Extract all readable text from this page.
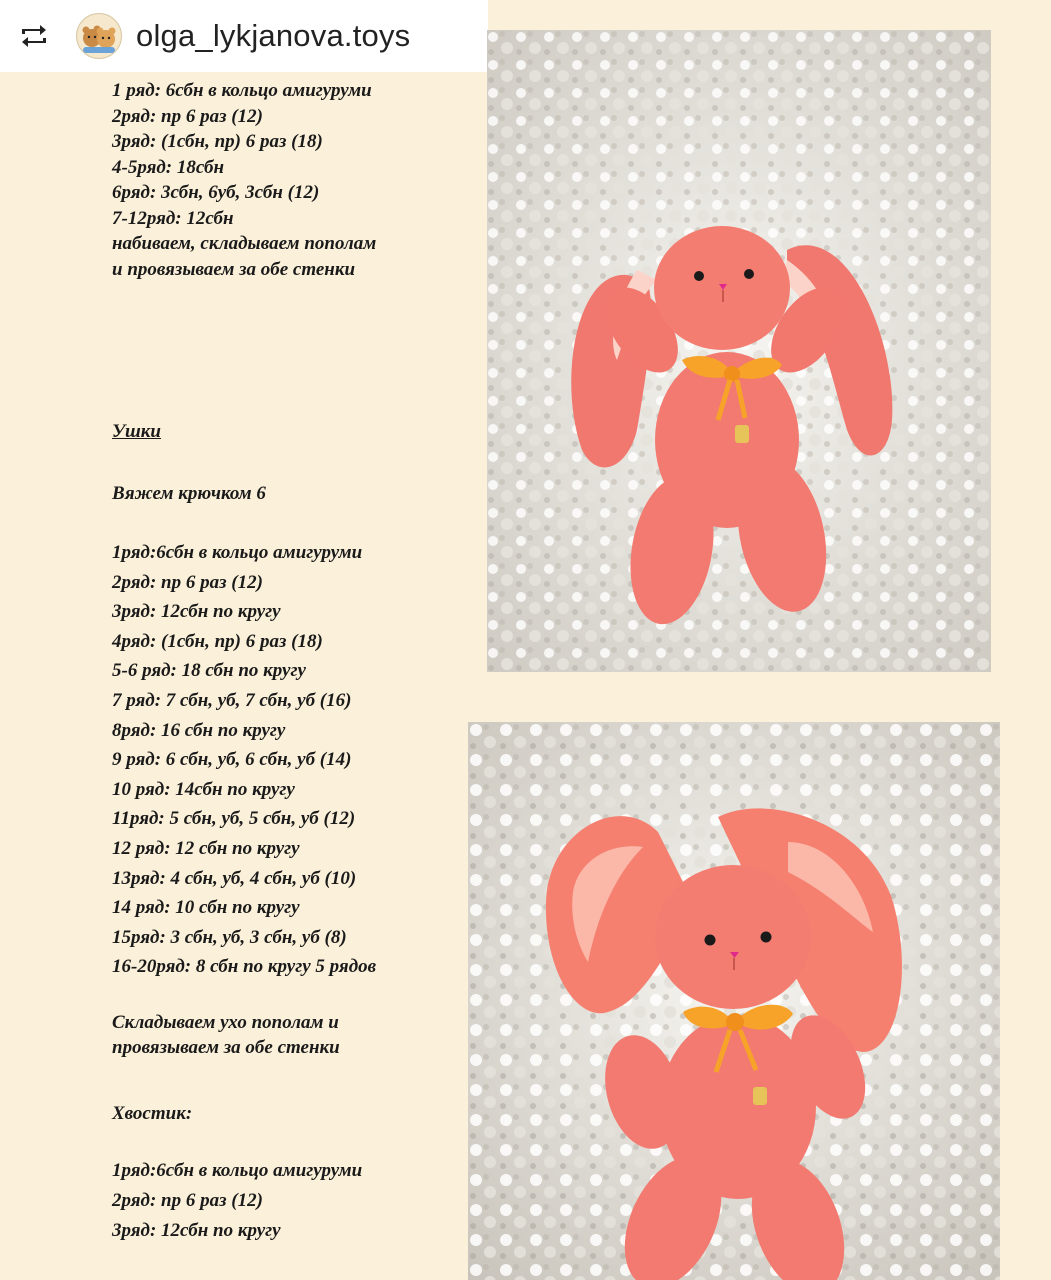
olga_lykjanova.toys
1 ряд: 6сбн в кольцо амигуруми
2ряд: пр 6 раз (12)
3ряд: (1сбн, пр) 6 раз (18)
4-5ряд: 18сбн
6ряд: 3сбн, 6уб, 3сбн (12)
7-12ряд: 12сбн
набиваем, складываем пополам
и провязываем за обе стенки
Ушки
Вяжем крючком 6
1ряд:6сбн в кольцо амигуруми
2ряд: пр 6 раз (12)
3ряд: 12сбн по кругу
4ряд: (1сбн, пр) 6 раз (18)
5-6 ряд: 18 сбн по кругу
7 ряд: 7 сбн, уб, 7 сбн, уб (16)
8ряд: 16 сбн по кругу
9 ряд: 6 сбн, уб, 6 сбн, уб (14)
10 ряд: 14сбн по кругу
11ряд: 5 сбн, уб, 5 сбн, уб (12)
12 ряд: 12 сбн по кругу
13ряд: 4 сбн, уб, 4 сбн, уб (10)
14 ряд: 10 сбн по кругу
15ряд: 3 сбн, уб, 3 сбн, уб (8)
16-20ряд: 8 сбн по кругу 5 рядов
Складываем ухо пополам и
провязываем за обе стенки
Хвостик:
1ряд:6сбн в кольцо амигуруми
2ряд: пр 6 раз (12)
3ряд: 12сбн по кругу
